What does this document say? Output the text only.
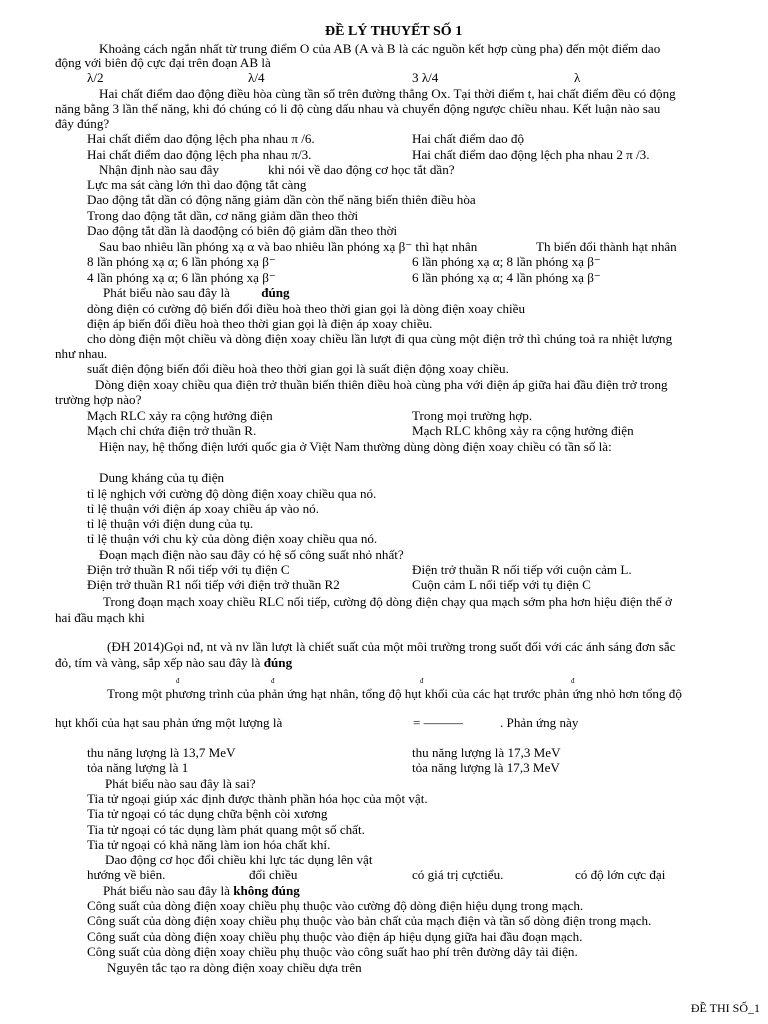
ĐỀ LÝ THUYẾT SỐ 1
Khoảng cách ngắn nhất từ trung điểm O của AB (A và B là các nguồn kết hợp cùng pha) đến một điểm dao
động với biên độ cực đại trên đoạn AB là
λ/2	λ/4	3 λ/4	λ
Hai chất điểm dao động điều hòa cùng tần số trên đường thẳng Ox. Tại thời điểm t, hai chất điểm đều có động
năng bằng 3 lần thế năng, khi đó chúng có li độ cùng dấu nhau và chuyển động ngược chiều nhau. Kết luận nào sau
đây đúng?
Hai chất điểm dao động lệch pha nhau π /6.	Hai chất điểm dao độ
Hai chất điểm dao động lệch pha nhau π/3.	Hai chất điểm dao động lệch pha nhau 2 π /3.
Nhận định nào sau đây	khi nói về dao động cơ học tắt dần?
Lực ma sát càng lớn thì dao động tắt càng
Dao động tắt dần có động năng giảm dần còn thế năng biến thiên điều hòa
Trong dao động tắt dần, cơ năng giảm dần theo thời
Dao động tắt dần là daođộng có biên độ giảm dần theo thời
Sau bao nhiêu lần phóng xạ α và bao nhiêu lần phóng xạ β⁻ thì hạt nhân	Th biến đổi thành hạt nhân
8 lần phóng xạ α; 6 lần phóng xạ β⁻	6 lần phóng xạ α; 8 lần phóng xạ β⁻
4 lần phóng xạ α; 6 lần phóng xạ β⁻	6 lần phóng xạ α; 4 lần phóng xạ β⁻
Phát biểu nào sau đây là đúng
dòng điện có cường độ biến đổi điều hoà theo thời gian gọi là dòng điện xoay chiều
điện áp biến đổi điều hoà theo thời gian gọi là điện áp xoay chiều.
cho dòng điện một chiều và dòng điện xoay chiều lần lượt đi qua cùng một điện trở thì chúng toả ra nhiệt lượng
như nhau.
suất điện động biến đổi điều hoà theo thời gian gọi là suất điện động xoay chiều.
Dòng điện xoay chiều qua điện trở thuần biến thiên điều hoà cùng pha với điện áp giữa hai đầu điện trở trong
trường hợp nào?
Mạch RLC xảy ra cộng hưởng điện	Trong mọi trường hợp.
Mạch chỉ chứa điện trở thuần R.	Mạch RLC không xảy ra cộng hưởng điện
Hiện nay, hệ thống điện lưới quốc gia ở Việt Nam thường dùng dòng điện xoay chiều có tần số là:
Dung kháng của tụ điện
tỉ lệ nghịch với cường độ dòng điện xoay chiều qua nó.
tỉ lệ thuận với điện áp xoay chiều áp vào nó.
tỉ lệ thuận với điện dung của tụ.
tỉ lệ thuận với chu kỳ của dòng điện xoay chiều qua nó.
Đoạn mạch điện nào sau đây có hệ số công suất nhỏ nhất?
Điện trở thuần R nối tiếp với tụ điện C	Điện trở thuần R nối tiếp với cuộn cảm L.
Điện trở thuần R1 nối tiếp với điện trở thuần R2	Cuộn cảm L nối tiếp với tụ điện C
Trong đoạn mạch xoay chiều RLC nối tiếp, cường độ dòng điện chạy qua mạch sớm pha hơn hiệu điện thế ở
hai đầu mạch khi
(ĐH 2014)Gọi nđ, nt và nv lần lượt là chiết suất của một môi trường trong suốt đối với các ánh sáng đơn sắc
đỏ, tím và vàng, sắp xếp nào sau đây là đúng
đ	đ	đ	đ
Trong một phương trình của phản ứng hạt nhân, tổng độ hụt khối của các hạt trước phản ứng nhỏ hơn tổng độ
hụt khối của hạt sau phản ứng một lượng là	= ———	. Phản ứng này
thu năng lượng là 13,7 MeV	thu năng lượng là 17,3 MeV
tỏa năng lượng là 1	tỏa năng lượng là 17,3 MeV
Phát biểu nào sau đây là sai?
Tia tử ngoại giúp xác định được thành phần hóa học của một vật.
Tia tử ngoại có tác dụng chữa bệnh còi xương
Tia tử ngoại có tác dụng làm phát quang một số chất.
Tia tử ngoại có khả năng làm ion hóa chất khí.
Dao động cơ học đổi chiều khi lực tác dụng lên vật
hướng về biên.	đổi chiều	có giá trị cựctiểu.	có độ lớn cực đại
Phát biểu nào sau đây là không đúng
Công suất của dòng điện xoay chiều phụ thuộc vào cường độ dòng điện hiệu dụng trong mạch.
Công suất của dòng điện xoay chiều phụ thuộc vào bản chất của mạch điện và tần số dòng điện trong mạch.
Công suất của dòng điện xoay chiều phụ thuộc vào điện áp hiệu dụng giữa hai đầu đoạn mạch.
Công suất của dòng điện xoay chiều phụ thuộc vào công suất hao phí trên đường dây tải điện.
Nguyên tắc tạo ra dòng điện xoay chiều dựa trên
ĐỀ THI SỐ_1
